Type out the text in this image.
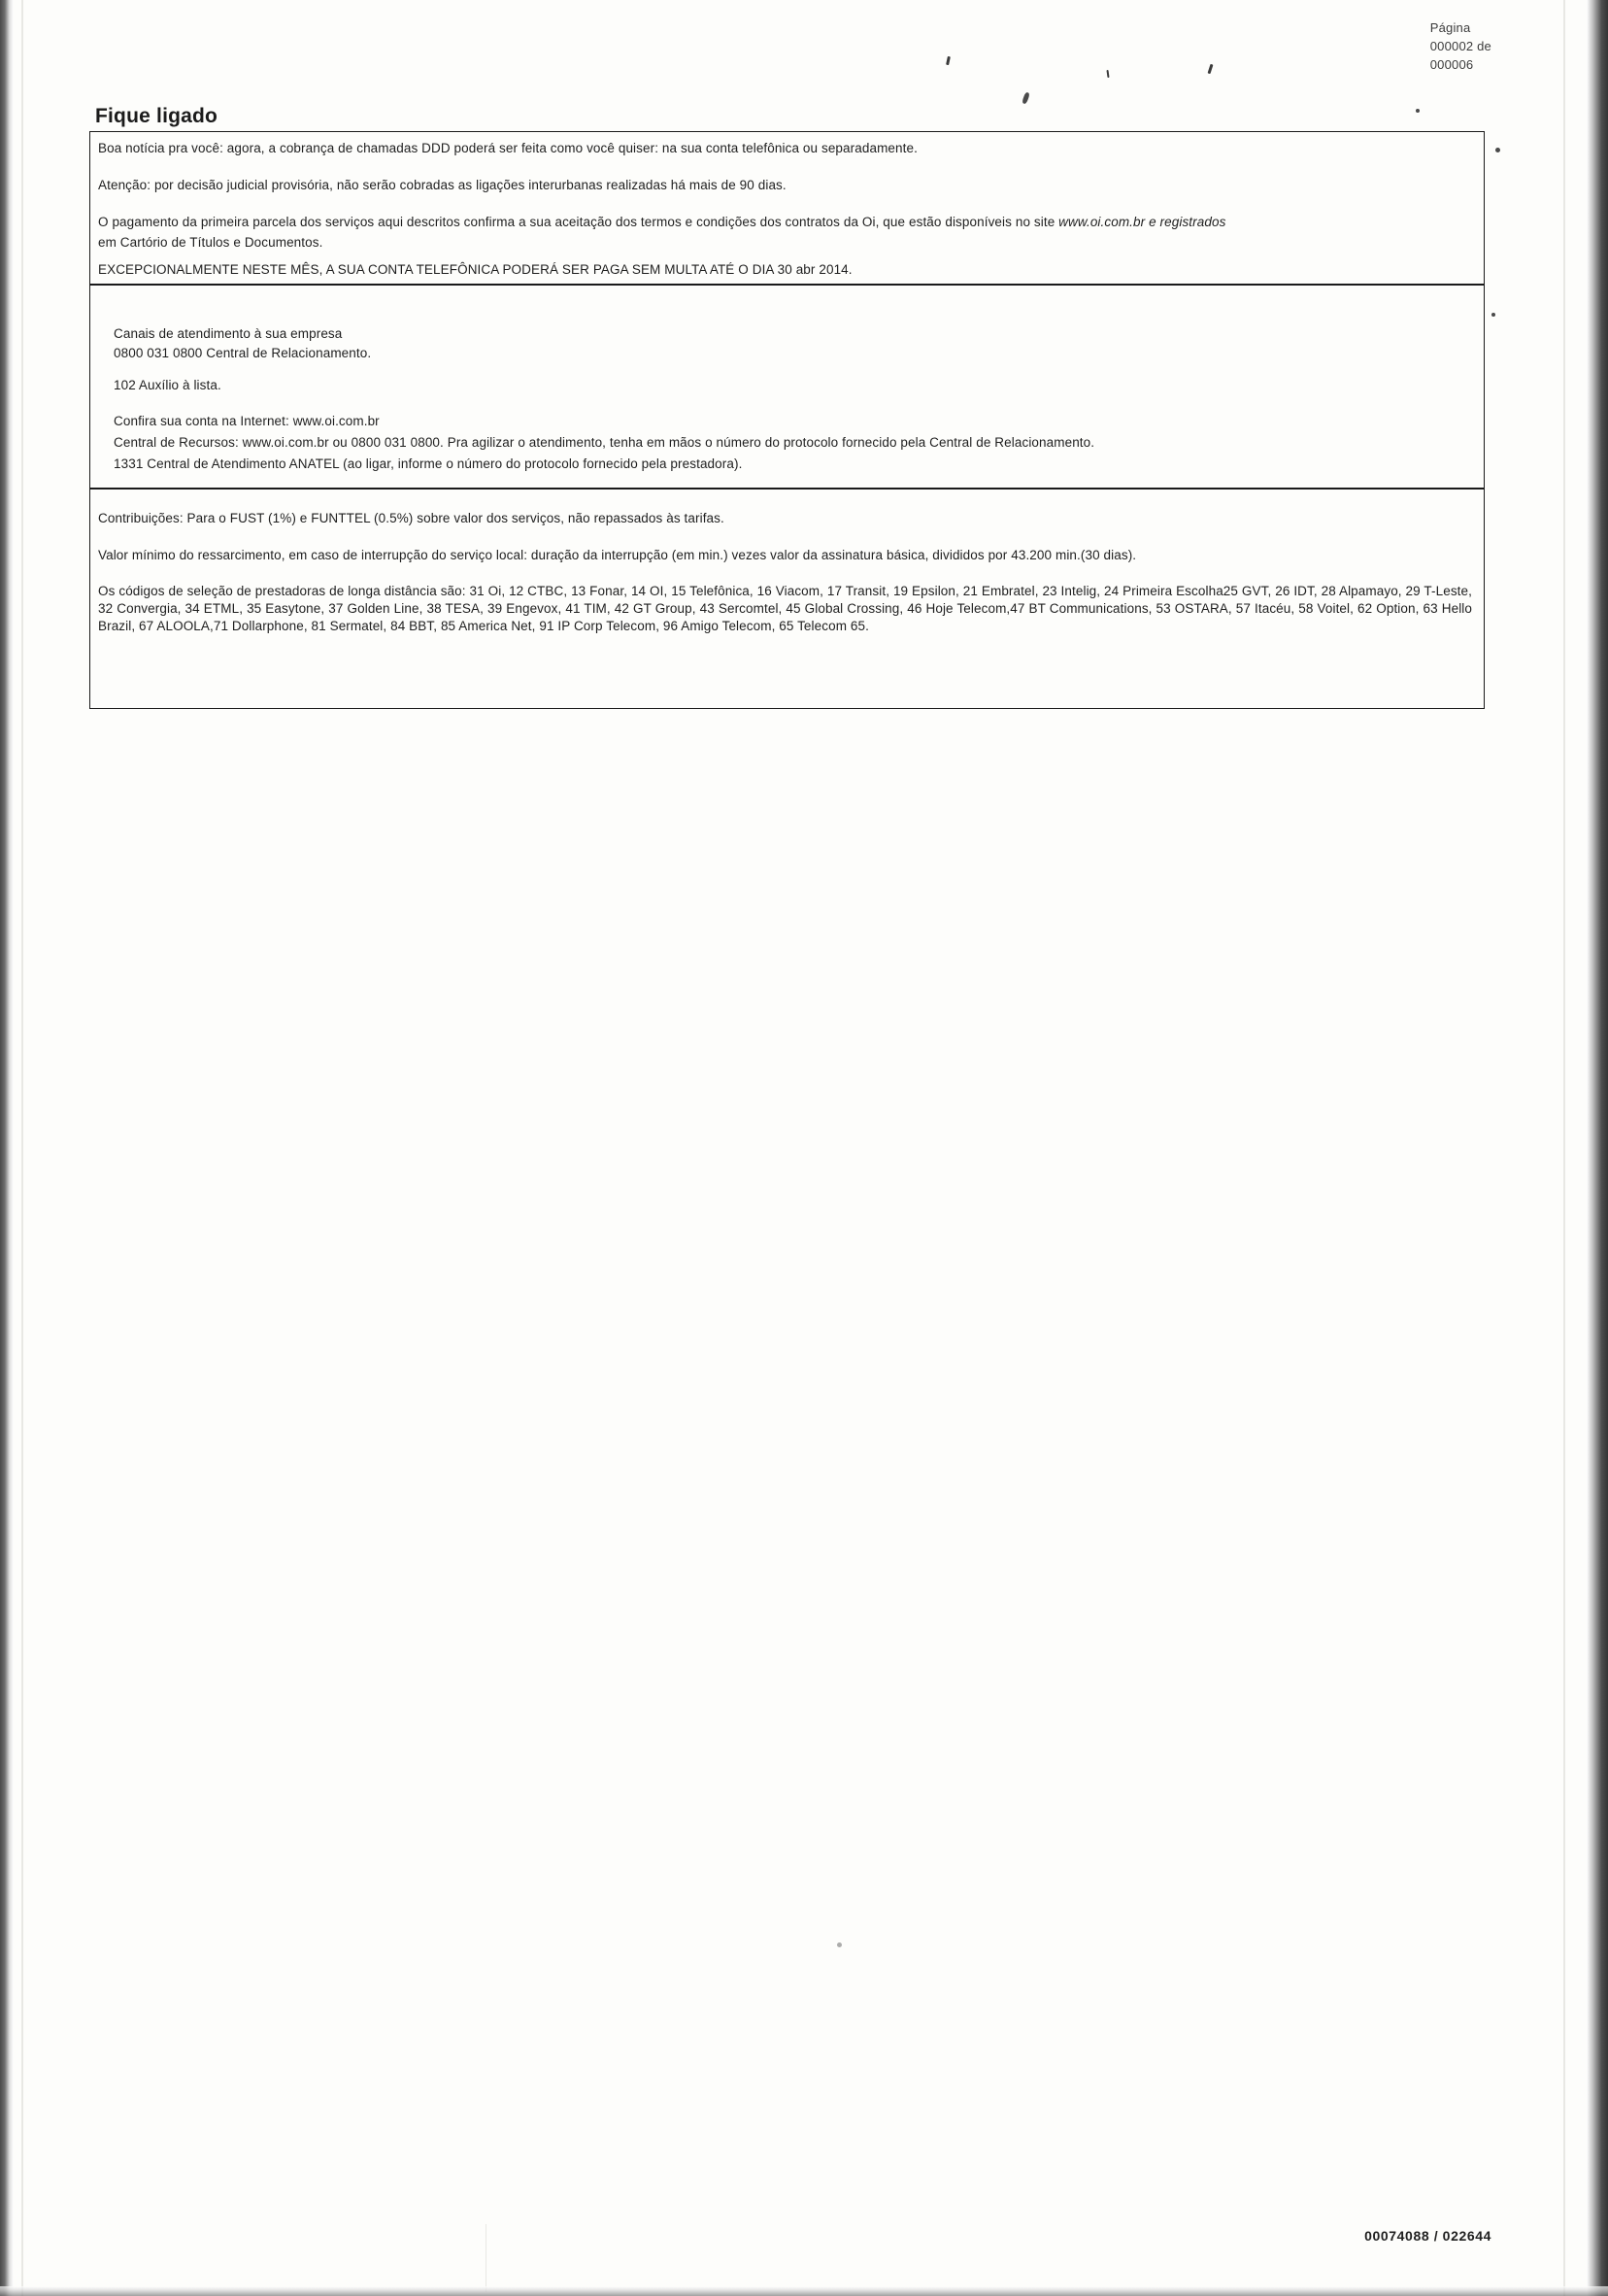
Página
000002 de
000006
Fique ligado
Boa notícia pra você: agora, a cobrança de chamadas DDD poderá ser feita como você quiser: na sua conta telefônica ou separadamente.
Atenção: por decisão judicial provisória, não serão cobradas as ligações interurbanas realizadas há mais de 90 dias.
O pagamento da primeira parcela dos serviços aqui descritos confirma a sua aceitação dos termos e condições dos contratos da Oi, que estão disponíveis no site www.oi.com.br e registrados
em Cartório de Títulos e Documentos.
EXCEPCIONALMENTE NESTE MÊS, A SUA CONTA TELEFÔNICA PODERÁ SER PAGA SEM MULTA ATÉ O DIA 30 abr 2014.
Canais de atendimento à sua empresa
0800 031 0800 Central de Relacionamento.
102 Auxílio à lista.
Confira sua conta na Internet: www.oi.com.br
Central de Recursos: www.oi.com.br ou 0800 031 0800. Pra agilizar o atendimento, tenha em mãos o número do protocolo fornecido pela Central de Relacionamento.
1331 Central de Atendimento ANATEL (ao ligar, informe o número do protocolo fornecido pela prestadora).
Contribuições: Para o FUST (1%) e FUNTTEL (0.5%) sobre valor dos serviços, não repassados às tarifas.
Valor mínimo do ressarcimento, em caso de interrupção do serviço local: duração da interrupção (em min.) vezes valor da assinatura básica, divididos por 43.200 min.(30 dias).
Os códigos de seleção de prestadoras de longa distância são: 31 Oi, 12 CTBC, 13 Fonar, 14 OI, 15 Telefônica, 16 Viacom, 17 Transit, 19 Epsilon, 21 Embratel, 23 Intelig, 24 Primeira Escolha25 GVT, 26 IDT, 28 Alpamayo, 29 T-Leste, 32 Convergia, 34 ETML, 35 Easytone, 37 Golden Line, 38 TESA, 39 Engevox, 41 TIM, 42 GT Group, 43 Sercomtel, 45 Global Crossing, 46 Hoje Telecom,47 BT Communications, 53 OSTARA, 57 Itacéu, 58 Voitel, 62 Option, 63 Hello Brazil, 67 ALOOLA,71 Dollarphone, 81 Sermatel, 84 BBT, 85 America Net, 91 IP Corp Telecom, 96 Amigo Telecom, 65 Telecom 65.
00074088 / 022644
